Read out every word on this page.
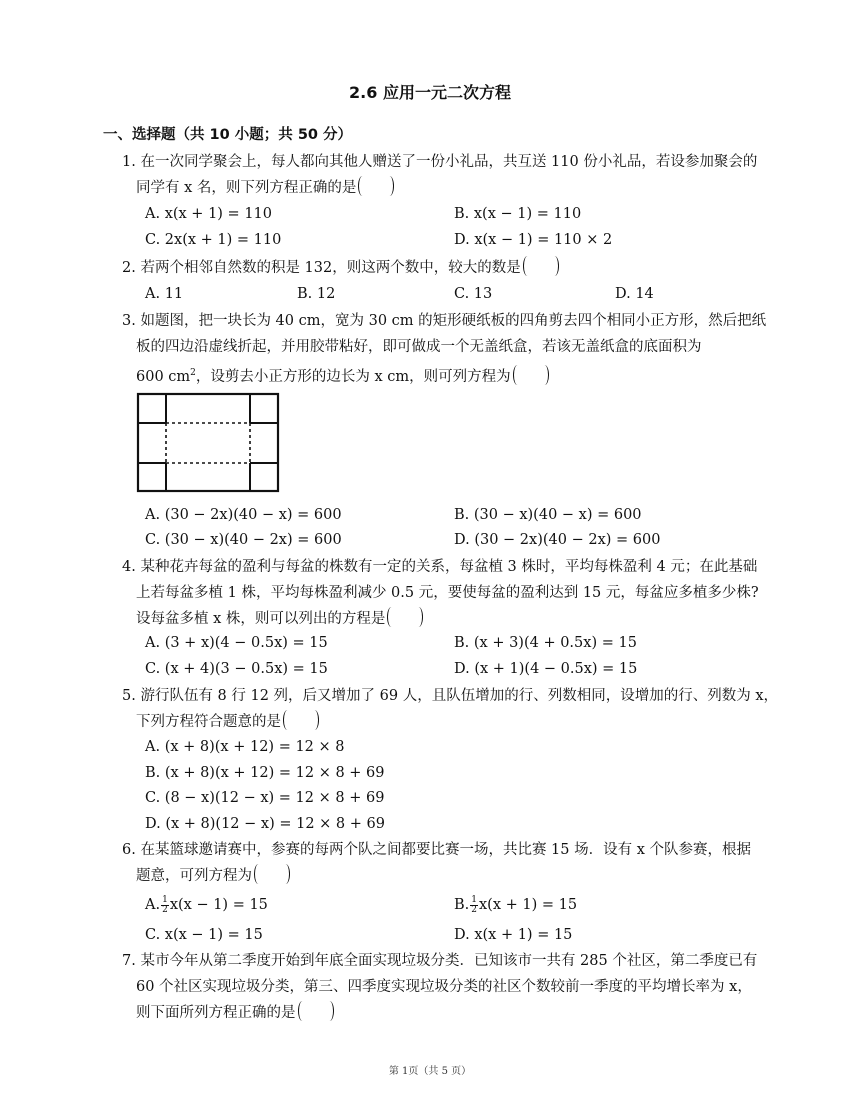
2.6 应用一元二次方程
一、选择题（共 10 小题；共 50 分）
1. 在一次同学聚会上，每人都向其他人赠送了一份小礼品，共互送 110 份小礼品，若设参加聚会的
同学有 x 名，则下列方程正确的是
A. x(x + 1) = 110	B. x(x − 1) = 110
C. 2x(x + 1) = 110	D. x(x − 1) = 110 × 2
2. 若两个相邻自然数的积是 132，则这两个数中，较大的数是
A. 11	B. 12	C. 13	D. 14
3. 如题图，把一块长为 40 cm，宽为 30 cm 的矩形硬纸板的四角剪去四个相同小正方形，然后把纸
板的四边沿虚线折起，并用胶带粘好，即可做成一个无盖纸盒，若该无盖纸盒的底面积为
600 $cm^2$，设剪去小正方形的边长为 x cm，则可列方程为
A. (30 − 2x)(40 − x) = 600	B. (30 − x)(40 − x) = 600
C. (30 − x)(40 − 2x) = 600	D. (30 − 2x)(40 − 2x) = 600
4. 某种花卉每盆的盈利与每盆的株数有一定的关系，每盆植 3 株时，平均每株盈利 4 元；在此基础
上若每盆多植 1 株，平均每株盈利减少 0.5 元，要使每盆的盈利达到 15 元，每盆应多植多少株?
设每盆多植 x 株，则可以列出的方程是
A. (3 + x)(4 − 0.5x) = 15	B. (x + 3)(4 + 0.5x) = 15
C. (x + 4)(3 − 0.5x) = 15	D. (x + 1)(4 − 0.5x) = 15
5. 游行队伍有 8 行 12 列，后又增加了 69 人，且队伍增加的行、列数相同，设增加的行、列数为 x，
下列方程符合题意的是
A. (x + 8)(x + 12) = 12 × 8
B. (x + 8)(x + 12) = 12 × 8 + 69
C. (8 − x)(12 − x) = 12 × 8 + 69
D. (x + 8)(12 − x) = 12 × 8 + 69
6. 在某篮球邀请赛中，参赛的每两个队之间都要比赛一场，共比赛 15 场．设有 x 个队参赛，根据
题意，可列方程为
A. $\frac{1}{2} x(x - 1) = 15$	B. $\frac{1}{2} x(x + 1) = 15$
C. x(x − 1) = 15	D. x(x + 1) = 15
7. 某市今年从第二季度开始到年底全面实现垃圾分类．已知该市一共有 285 个社区，第二季度已有
60 个社区实现垃圾分类，第三、四季度实现垃圾分类的社区个数较前一季度的平均增长率为 x，
则下面所列方程正确的是
第 1页（共 5 页）
